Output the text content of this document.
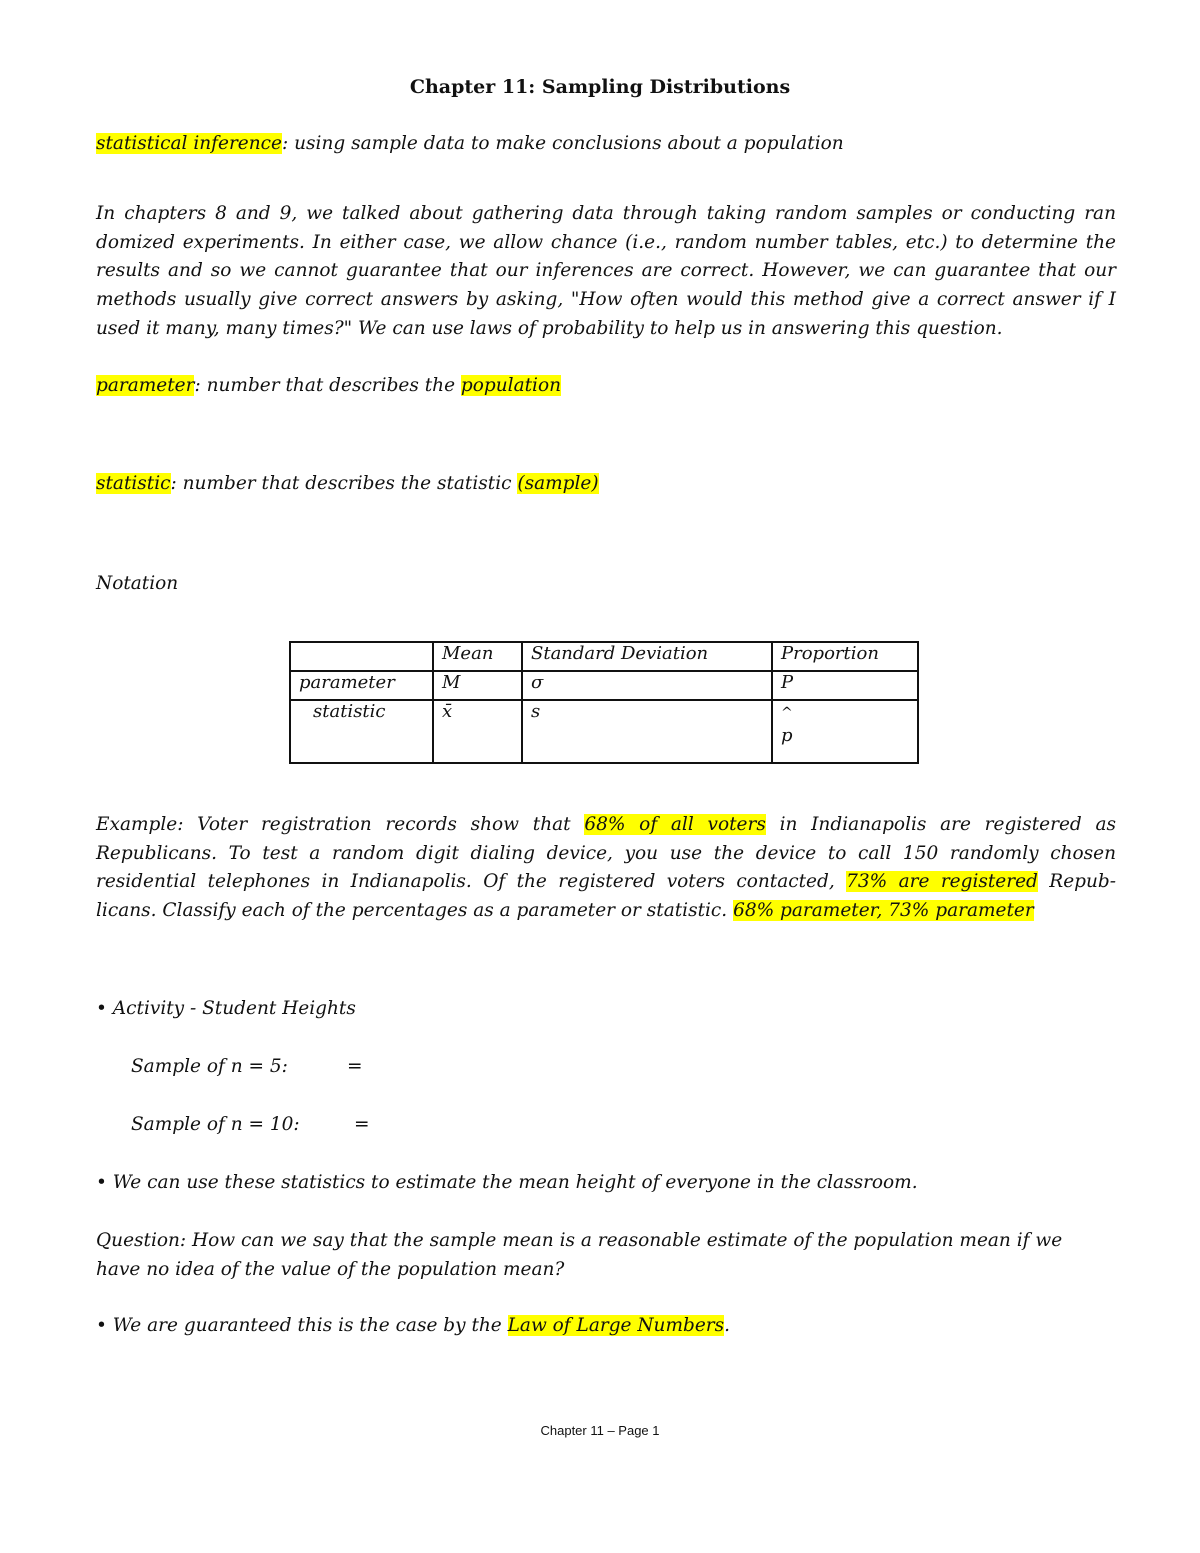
Chapter 11: Sampling Distributions
statistical inference: using sample data to make conclusions about a population
In chapters 8 and 9, we talked about gathering data through taking random samples or conducting ran
domized experiments. In either case, we allow chance (i.e., random number tables, etc.) to determine the
results and so we cannot guarantee that our inferences are correct. However, we can guarantee that our
methods usually give correct answers by asking, "How often would this method give a correct answer if I
used it many, many times?" We can use laws of probability to help us in answering this question.
parameter: number that describes the population
statistic: number that describes the statistic (sample)
Notation
	Mean	Standard Deviation	Proportion
parameter	Μ	σ	P
statistic	x̄	s	^
p
Example: Voter registration records show that 68% of all voters in Indianapolis are registered as
Republicans. To test a random digit dialing device, you use the device to call 150 randomly chosen
residential telephones in Indianapolis. Of the registered voters contacted, 73% are registered Repub-
licans. Classify each of the percentages as a parameter or statistic. 68% parameter, 73% parameter
• Activity - Student Heights
Sample of n = 5:	=
Sample of n = 10:	=
• We can use these statistics to estimate the mean height of everyone in the classroom.
Question: How can we say that the sample mean is a reasonable estimate of the population mean if we
have no idea of the value of the population mean?
• We are guaranteed this is the case by the Law of Large Numbers.
Chapter 11 – Page 1
